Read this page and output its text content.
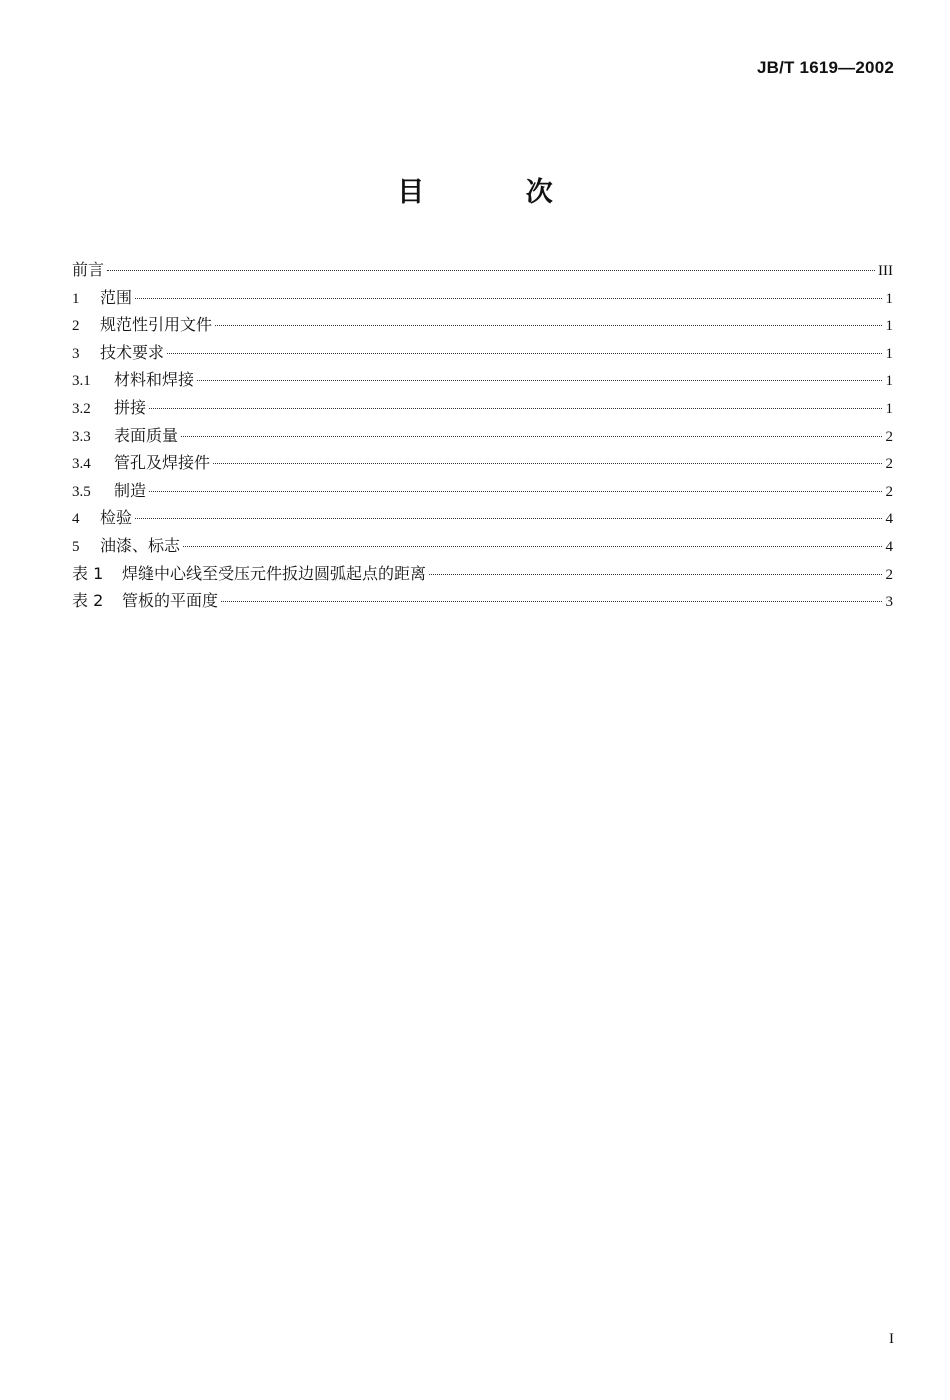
JB/T 1619—2002
目 次
前言	III
1	范围	1
2	规范性引用文件	1
3	技术要求	1
3.1	材料和焊接	1
3.2	拼接	1
3.3	表面质量	2
3.4	管孔及焊接件	2
3.5	制造	2
4	检验	4
5	油漆、标志	4
表 1	焊缝中心线至受压元件扳边圆弧起点的距离	2
表 2	管板的平面度	3
I
